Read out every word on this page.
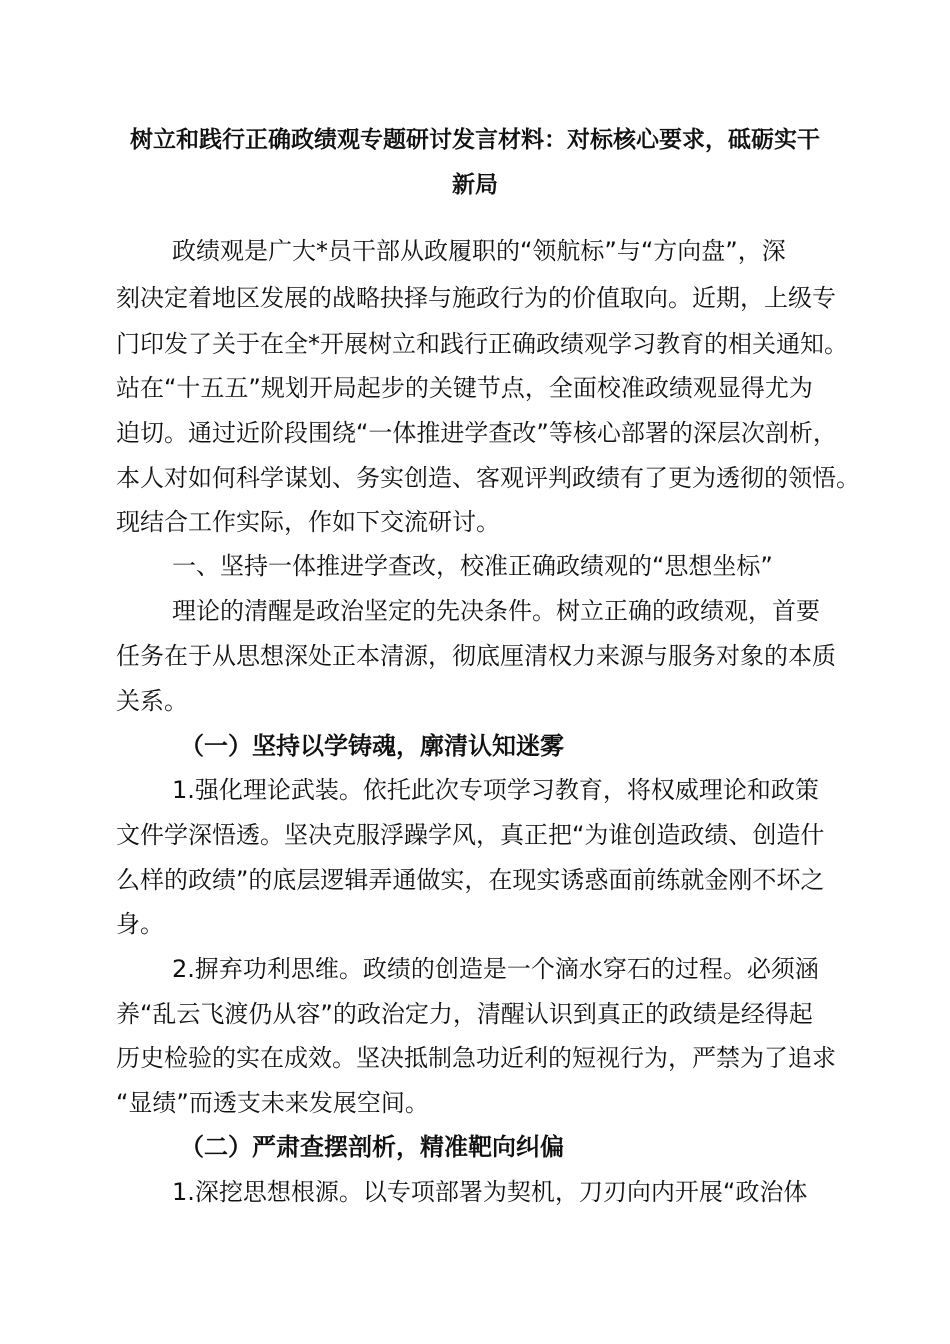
树立和践行正确政绩观专题研讨发言材料：对标核心要求，砥砺实干
新局
政绩观是广大*员干部从政履职的“领航标”与“方向盘”，深
刻决定着地区发展的战略抉择与施政行为的价值取向。近期，上级专
门印发了关于在全*开展树立和践行正确政绩观学习教育的相关通知。
站在“十五五”规划开局起步的关键节点，全面校准政绩观显得尤为
迫切。通过近阶段围绕“一体推进学查改”等核心部署的深层次剖析，
本人对如何科学谋划、务实创造、客观评判政绩有了更为透彻的领悟。
现结合工作实际，作如下交流研讨。
一、坚持一体推进学查改，校准正确政绩观的“思想坐标”
理论的清醒是政治坚定的先决条件。树立正确的政绩观，首要
任务在于从思想深处正本清源，彻底厘清权力来源与服务对象的本质
关系。
（一）坚持以学铸魂，廓清认知迷雾
1.强化理论武装。依托此次专项学习教育，将权威理论和政策
文件学深悟透。坚决克服浮躁学风，真正把“为谁创造政绩、创造什
么样的政绩”的底层逻辑弄通做实，在现实诱惑面前练就金刚不坏之
身。
2.摒弃功利思维。政绩的创造是一个滴水穿石的过程。必须涵
养“乱云飞渡仍从容”的政治定力，清醒认识到真正的政绩是经得起
历史检验的实在成效。坚决抵制急功近利的短视行为，严禁为了追求
“显绩”而透支未来发展空间。
（二）严肃查摆剖析，精准靶向纠偏
1.深挖思想根源。以专项部署为契机，刀刃向内开展“政治体
